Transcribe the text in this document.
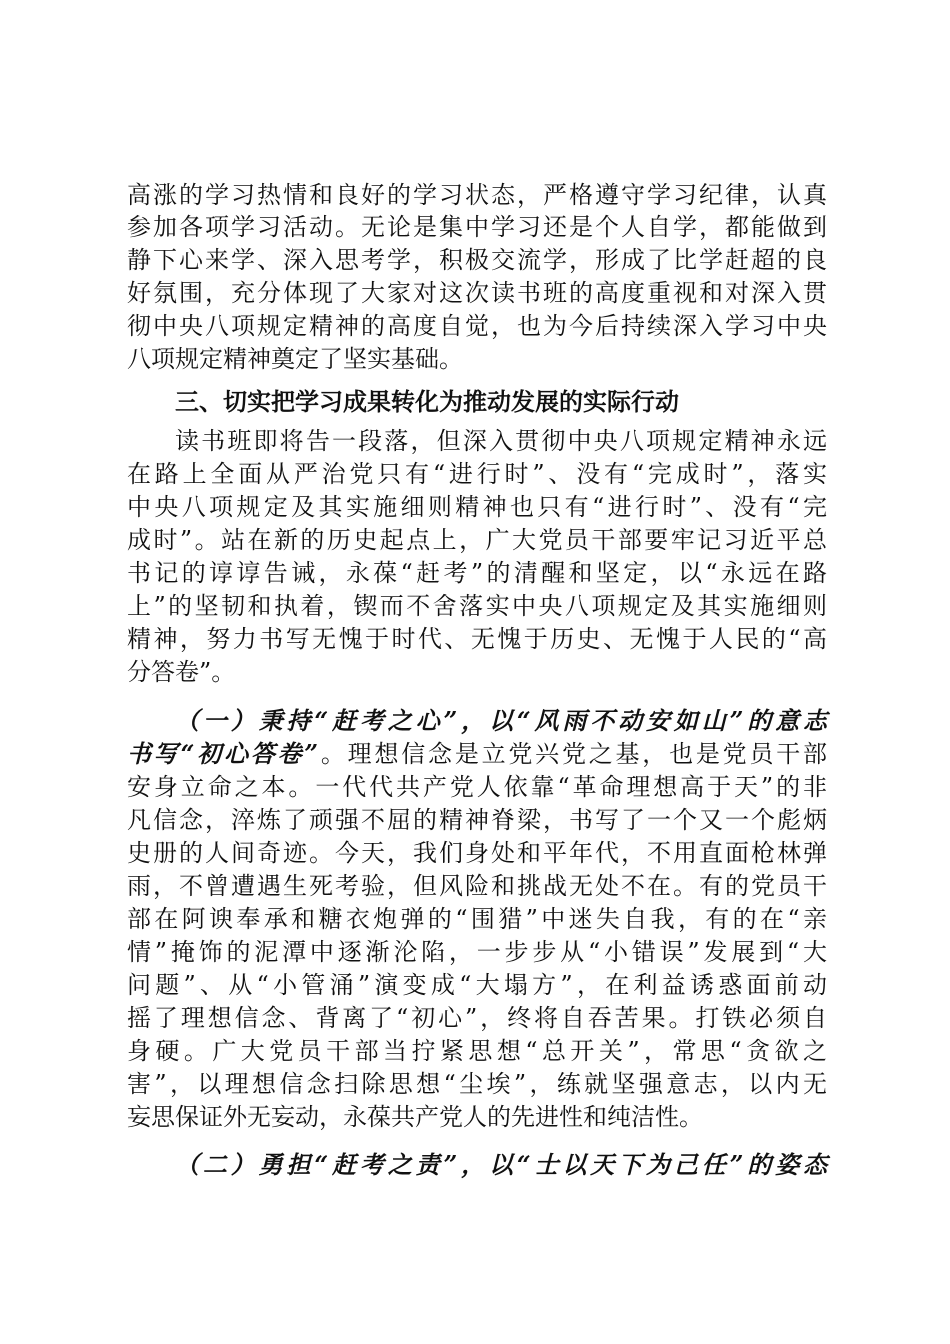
高涨的学习热情和良好的学习状态，严格遵守学习纪律，认真
参加各项学习活动。无论是集中学习还是个人自学，都能做到
静下心来学、深入思考学，积极交流学，形成了比学赶超的良
好氛围，充分体现了大家对这次读书班的高度重视和对深入贯
彻中央八项规定精神的高度自觉，也为今后持续深入学习中央
八项规定精神奠定了坚实基础。
三、切实把学习成果转化为推动发展的实际行动
读书班即将告一段落，但深入贯彻中央八项规定精神永远
在路上全面从严治党只有“进行时”、没有“完成时”，落实
中央八项规定及其实施细则精神也只有“进行时”、没有“完
成时”。站在新的历史起点上，广大党员干部要牢记习近平总
书记的谆谆告诫，永葆“赶考”的清醒和坚定，以“永远在路
上”的坚韧和执着，锲而不舍落实中央八项规定及其实施细则
精神，努力书写无愧于时代、无愧于历史、无愧于人民的“高
分答卷”。
（一）秉持“赶考之心”，以“风雨不动安如山”的意志
书写“初心答卷”。理想信念是立党兴党之基，也是党员干部
安身立命之本。一代代共产党人依靠“革命理想高于天”的非
凡信念，淬炼了顽强不屈的精神脊梁，书写了一个又一个彪炳
史册的人间奇迹。今天，我们身处和平年代，不用直面枪林弹
雨，不曾遭遇生死考验，但风险和挑战无处不在。有的党员干
部在阿谀奉承和糖衣炮弹的“围猎”中迷失自我，有的在“亲
情”掩饰的泥潭中逐渐沦陷，一步步从“小错误”发展到“大
问题”、从“小管涌”演变成“大塌方”，在利益诱惑面前动
摇了理想信念、背离了“初心”，终将自吞苦果。打铁必须自
身硬。广大党员干部当拧紧思想“总开关”，常思“贪欲之
害”，以理想信念扫除思想“尘埃”，练就坚强意志，以内无
妄思保证外无妄动，永葆共产党人的先进性和纯洁性。
（二）勇担“赶考之责”，以“士以天下为己任”的姿态
